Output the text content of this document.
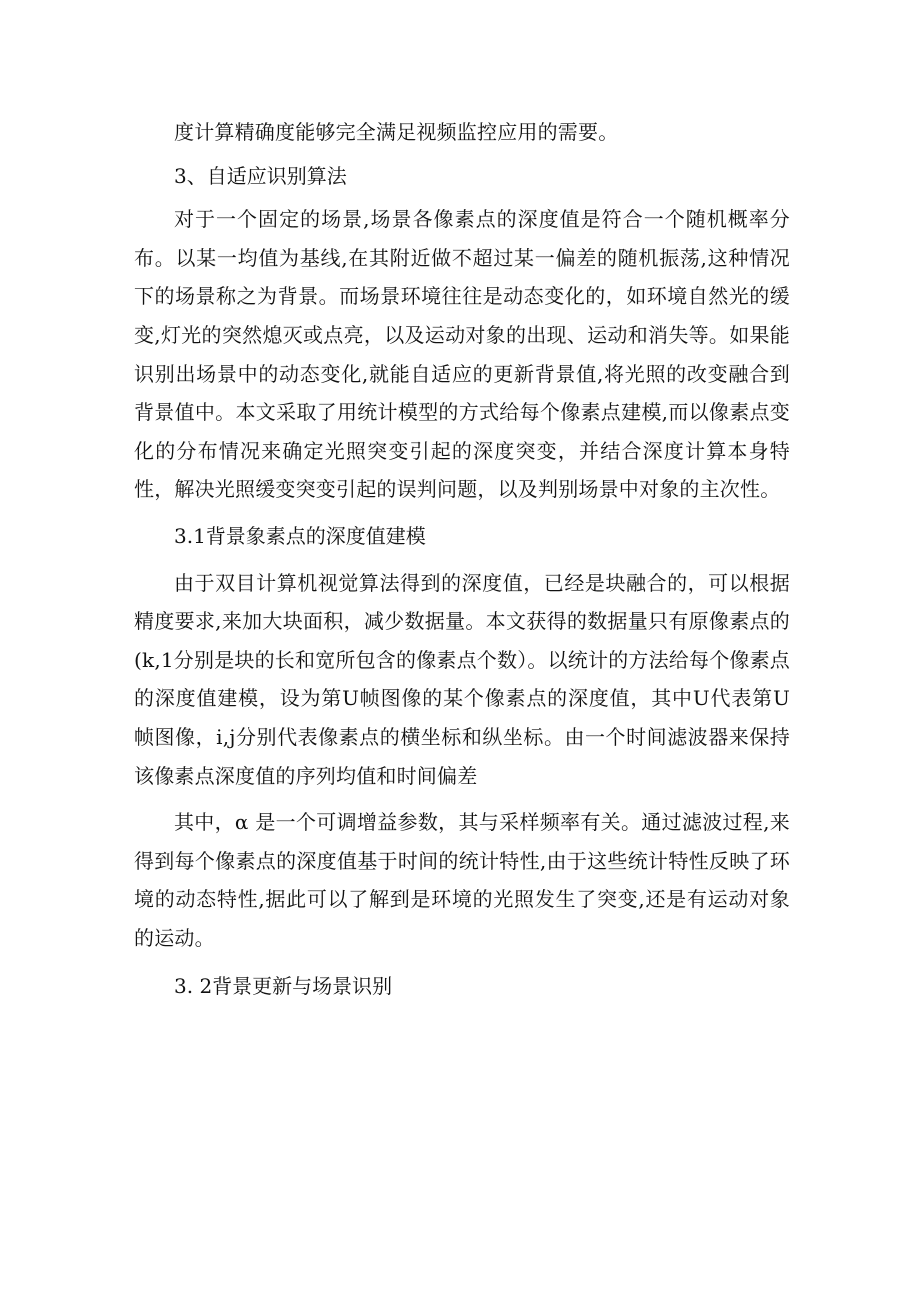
度计算精确度能够完全满足视频监控应用的需要。

3、自适应识别算法

对于一个固定的场景,场景各像素点的深度值是符合一个随机概率分布。以某一均值为基线,在其附近做不超过某一偏差的随机振荡,这种情况下的场景称之为背景。而场景环境往往是动态变化的，如环境自然光的缓变,灯光的突然熄灭或点亮，以及运动对象的出现、运动和消失等。如果能识别出场景中的动态变化,就能自适应的更新背景值,将光照的改变融合到背景值中。本文采取了用统计模型的方式给每个像素点建模,而以像素点变化的分布情况来确定光照突变引起的深度突变，并结合深度计算本身特性，解决光照缓变突变引起的误判问题，以及判别场景中对象的主次性。

3.1背景象素点的深度值建模

由于双目计算机视觉算法得到的深度值，已经是块融合的，可以根据精度要求,来加大块面积，减少数据量。本文获得的数据量只有原像素点的(k,1分别是块的长和宽所包含的像素点个数）。以统计的方法给每个像素点的深度值建模，设为第U帧图像的某个像素点的深度值，其中U代表第U帧图像，i,j分别代表像素点的横坐标和纵坐标。由一个时间滤波器来保持该像素点深度值的序列均值和时间偏差

其中，α 是一个可调增益参数，其与采样频率有关。通过滤波过程,来得到每个像素点的深度值基于时间的统计特性,由于这些统计特性反映了环境的动态特性,据此可以了解到是环境的光照发生了突变,还是有运动对象的运动。

3. 2背景更新与场景识别
